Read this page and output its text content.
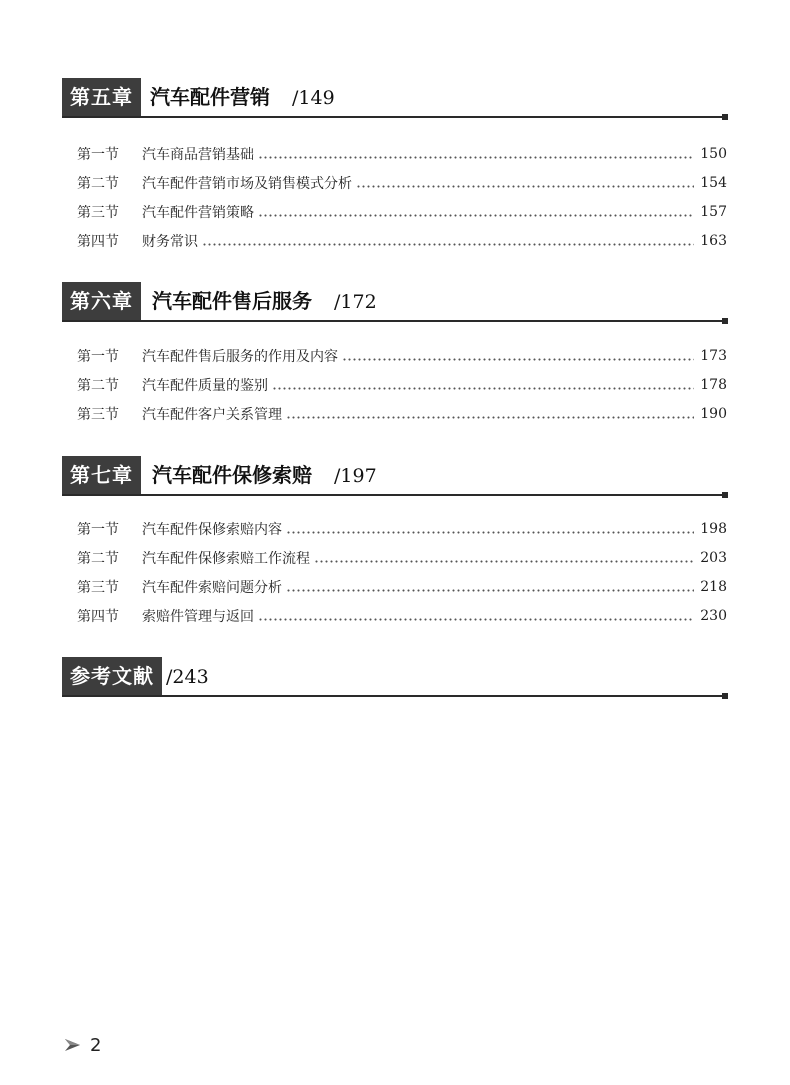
第五章 汽车配件营销 /149
第一节	汽车商品营销基础	150
第二节	汽车配件营销市场及销售模式分析	154
第三节	汽车配件营销策略	157
第四节	财务常识	163
第六章 汽车配件售后服务 /172
第一节	汽车配件售后服务的作用及内容	173
第二节	汽车配件质量的鉴别	178
第三节	汽车配件客户关系管理	190
第七章 汽车配件保修索赔 /197
第一节	汽车配件保修索赔内容	198
第二节	汽车配件保修索赔工作流程	203
第三节	汽车配件索赔问题分析	218
第四节	索赔件管理与返回	230
参考文献 /243
2
